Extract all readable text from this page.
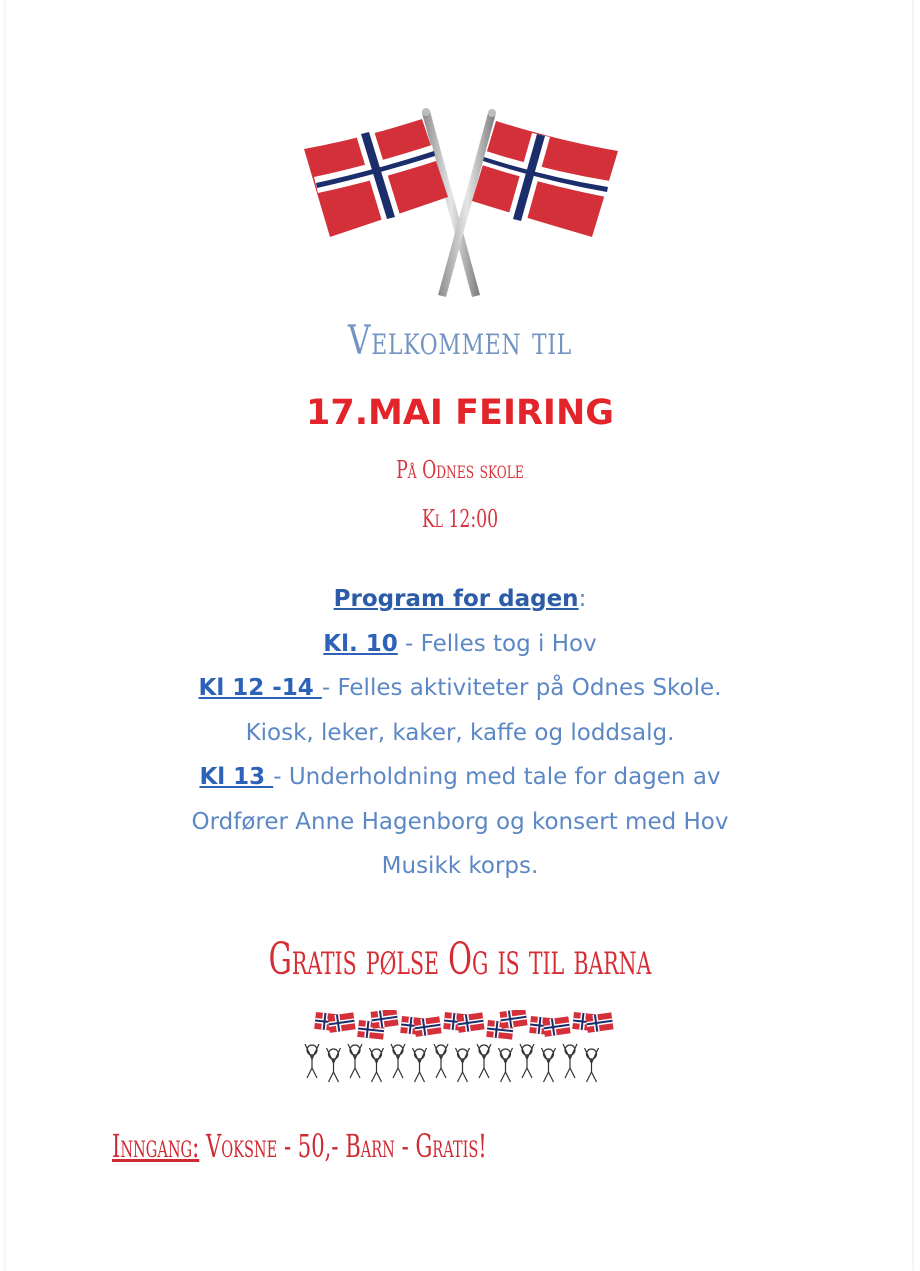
Velkommen til
17.MAI FEIRING
På Odnes skole
Kl 12:00
Program for dagen:
Kl. 10 - Felles tog i Hov
Kl 12 -14 - Felles aktiviteter på Odnes Skole.
Kiosk, leker, kaker, kaffe og loddsalg.
Kl 13 - Underholdning med tale for dagen av
Ordfører Anne Hagenborg og konsert med Hov
Musikk korps.
Gratis pølse Og is til barna
Inngang: Voksne - 50,- Barn - Gratis!
